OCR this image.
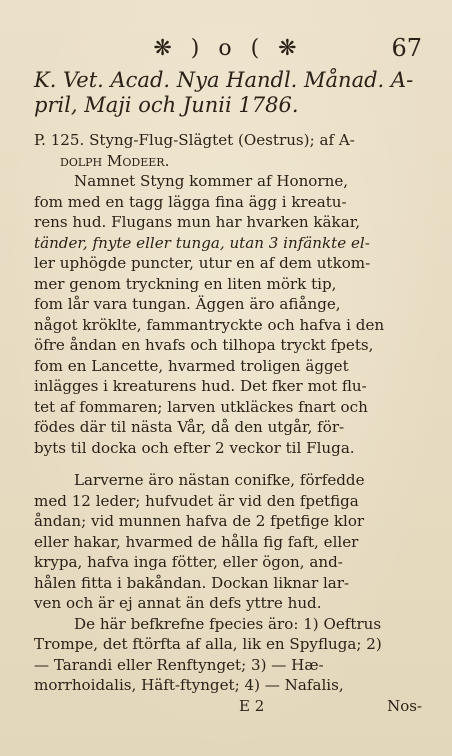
❋ ) o ( ❋	67
K. Vet. Acad. Nya Handl. Månad. A-
pril, Maji och Junii 1786.
P. 125. Styng-Flug-Slägtet (Oestrus); af A-
dolph Modeer.
Namnet Styng kommer af Honorne,
fom med en tagg lägga fina ägg i kreatu-
rens hud. Flugans mun har hvarken käkar,
tänder, fnyte eller tunga, utan 3 infänkte el-
ler uphögde puncter, utur en af dem utkom-
mer genom tryckning en liten mörk tip,
fom lår vara tungan. Äggen äro afiånge,
något kröklte, fammantryckte och hafva i den
öfre åndan en hvafs och tilhopa tryckt fpets,
fom en Lancette, hvarmed troligen ägget
inlägges i kreaturens hud. Det fker mot flu-
tet af fommaren; larven utkläckes fnart och
födes där til nästa Vår, då den utgår, för-
byts til docka och efter 2 veckor til Fluga.
Larverne äro nästan conifke, förfedde
med 12 leder; hufvudet är vid den fpetfiga
åndan; vid munnen hafva de 2 fpetfige klor
eller hakar, hvarmed de hålla fig faft, eller
krypa, hafva inga fötter, eller ögon, and-
hålen fitta i bakåndan. Dockan liknar lar-
ven och är ej annat än defs yttre hud.
De här befkrefne fpecies äro: 1) Oeftrus
Trompe, det ftörfta af alla, lik en Spyfluga; 2)
— Tarandi eller Renftynget; 3) — Hæ-
morrhoidalis, Häft-ftynget; 4) — Nafalis,
E 2	Nos-
